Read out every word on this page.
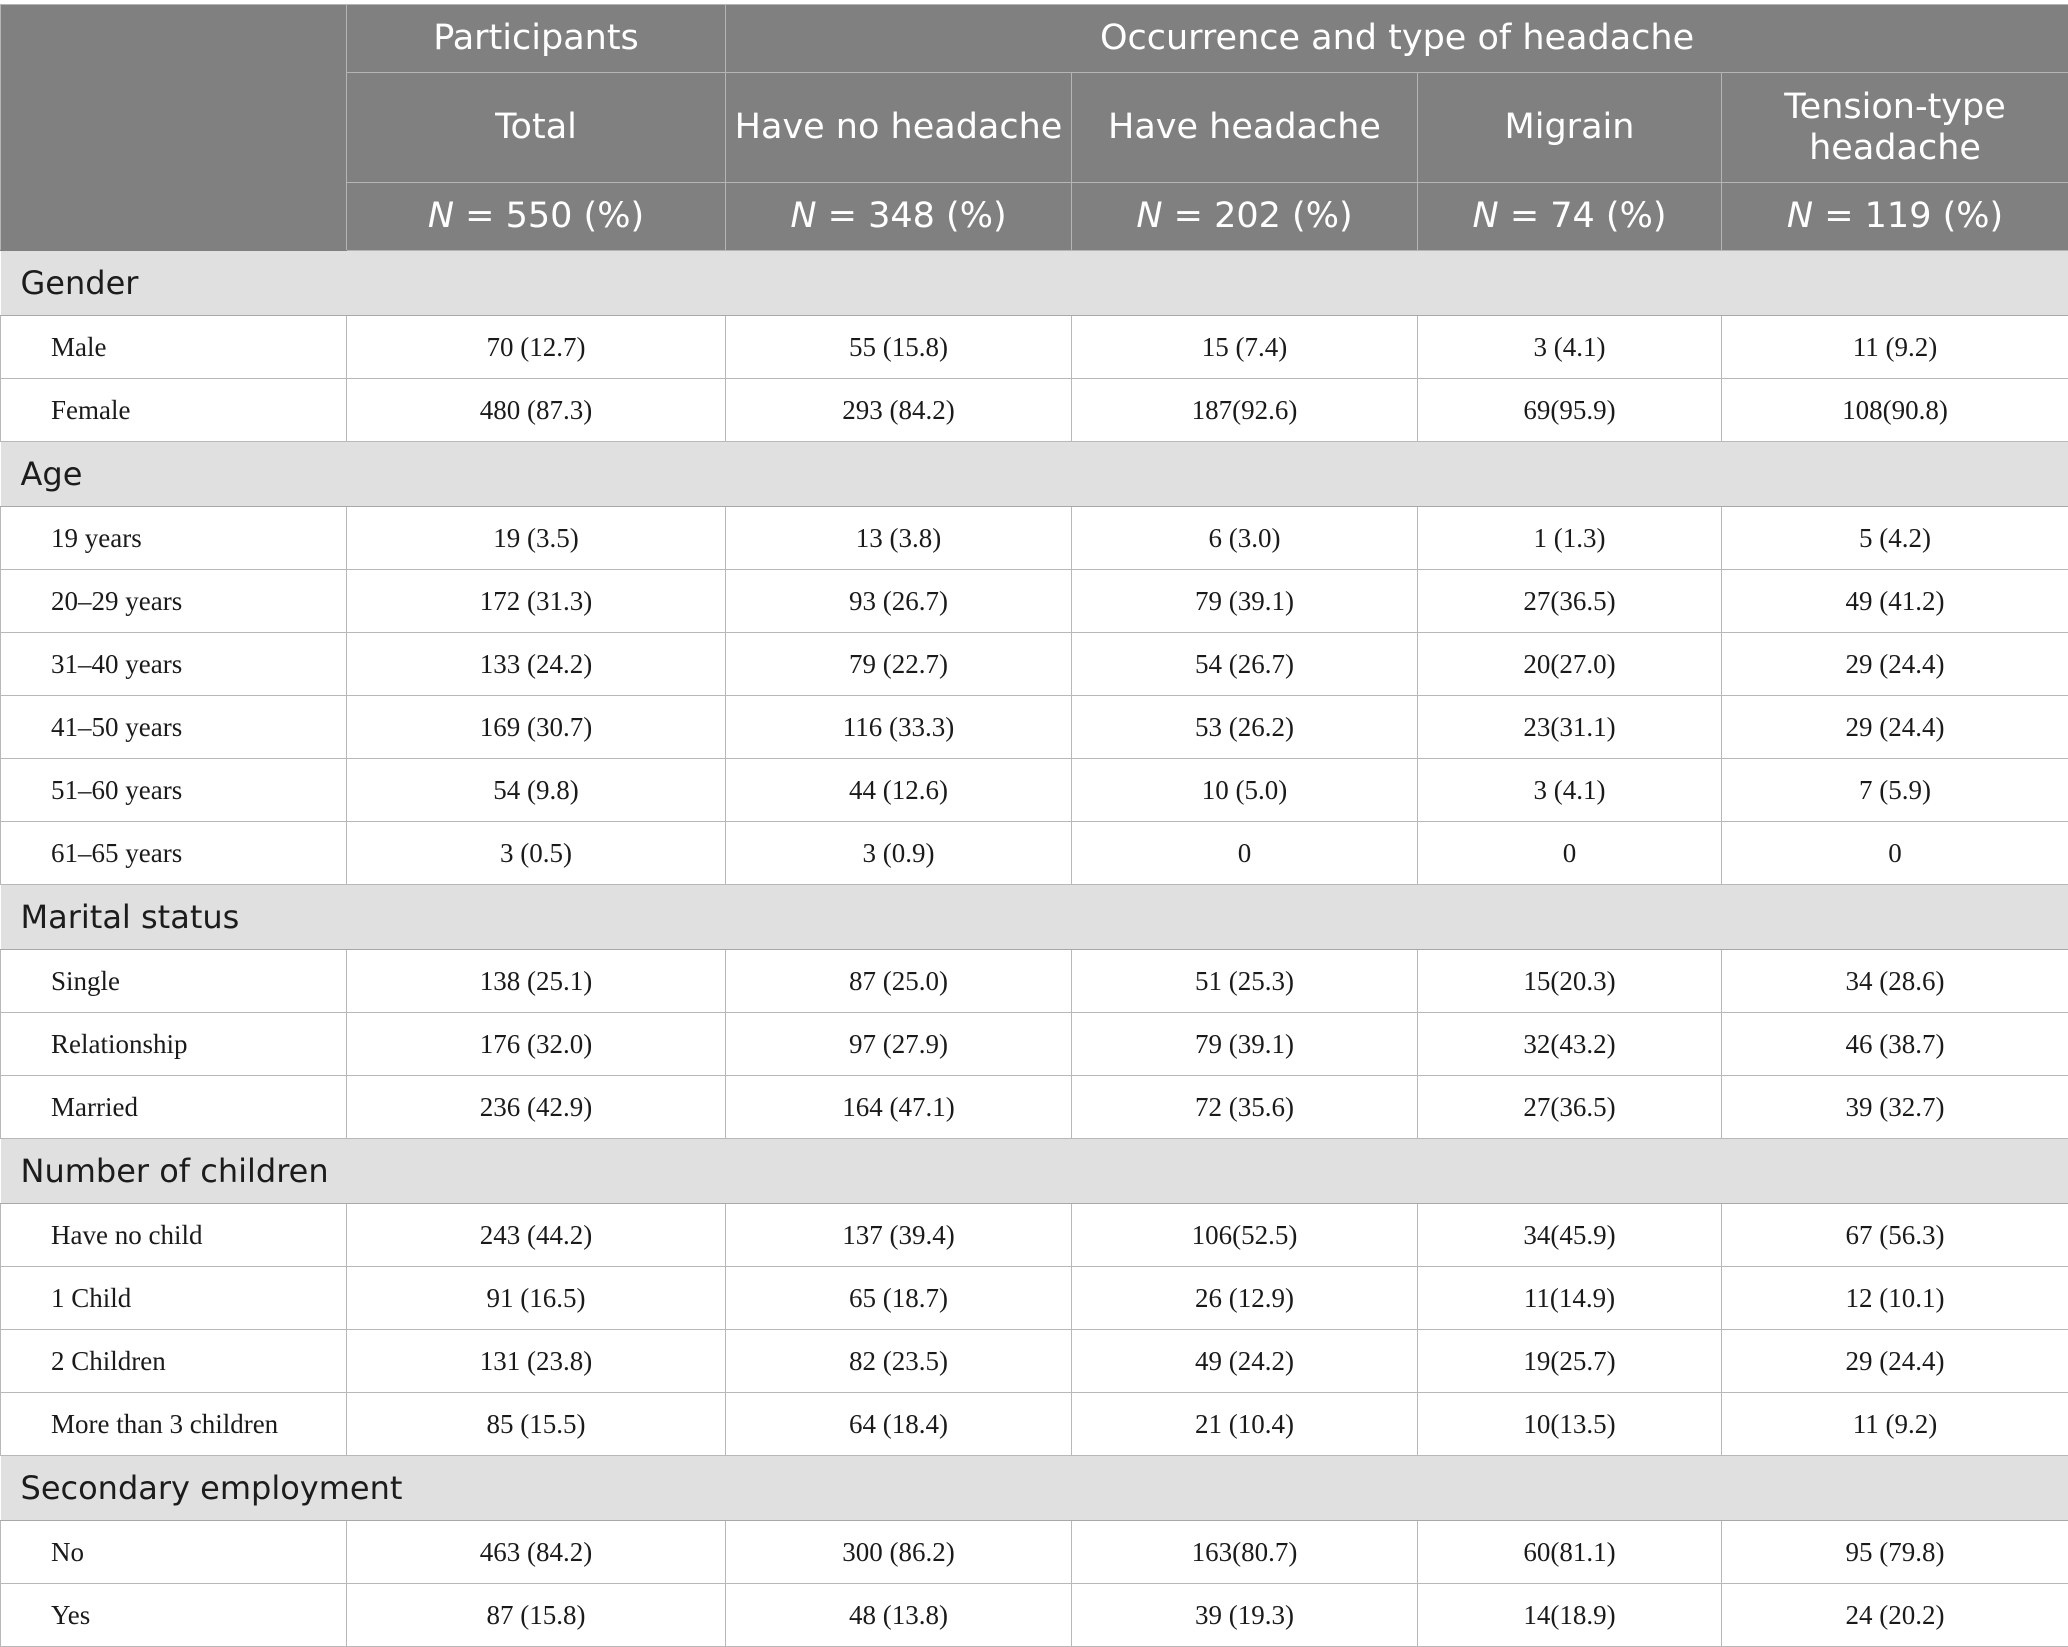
	Participants	Occurrence and type of headache			
	Total	Have no headache	Have headache	Migrain	Tension-type headache
	N = 550 (%)	N = 348 (%)	N = 202 (%)	N = 74 (%)	N = 119 (%)
Gender					
Male	70 (12.7)	55 (15.8)	15 (7.4)	3 (4.1)	11 (9.2)
Female	480 (87.3)	293 (84.2)	187(92.6)	69(95.9)	108(90.8)
Age					
19 years	19 (3.5)	13 (3.8)	6 (3.0)	1 (1.3)	5 (4.2)
20–29 years	172 (31.3)	93 (26.7)	79 (39.1)	27(36.5)	49 (41.2)
31–40 years	133 (24.2)	79 (22.7)	54 (26.7)	20(27.0)	29 (24.4)
41–50 years	169 (30.7)	116 (33.3)	53 (26.2)	23(31.1)	29 (24.4)
51–60 years	54 (9.8)	44 (12.6)	10 (5.0)	3 (4.1)	7 (5.9)
61–65 years	3 (0.5)	3 (0.9)	0	0	0
Marital status					
Single	138 (25.1)	87 (25.0)	51 (25.3)	15(20.3)	34 (28.6)
Relationship	176 (32.0)	97 (27.9)	79 (39.1)	32(43.2)	46 (38.7)
Married	236 (42.9)	164 (47.1)	72 (35.6)	27(36.5)	39 (32.7)
Number of children					
Have no child	243 (44.2)	137 (39.4)	106(52.5)	34(45.9)	67 (56.3)
1 Child	91 (16.5)	65 (18.7)	26 (12.9)	11(14.9)	12 (10.1)
2 Children	131 (23.8)	82 (23.5)	49 (24.2)	19(25.7)	29 (24.4)
More than 3 children	85 (15.5)	64 (18.4)	21 (10.4)	10(13.5)	11 (9.2)
Secondary employment					
No	463 (84.2)	300 (86.2)	163(80.7)	60(81.1)	95 (79.8)
Yes	87 (15.8)	48 (13.8)	39 (19.3)	14(18.9)	24 (20.2)
